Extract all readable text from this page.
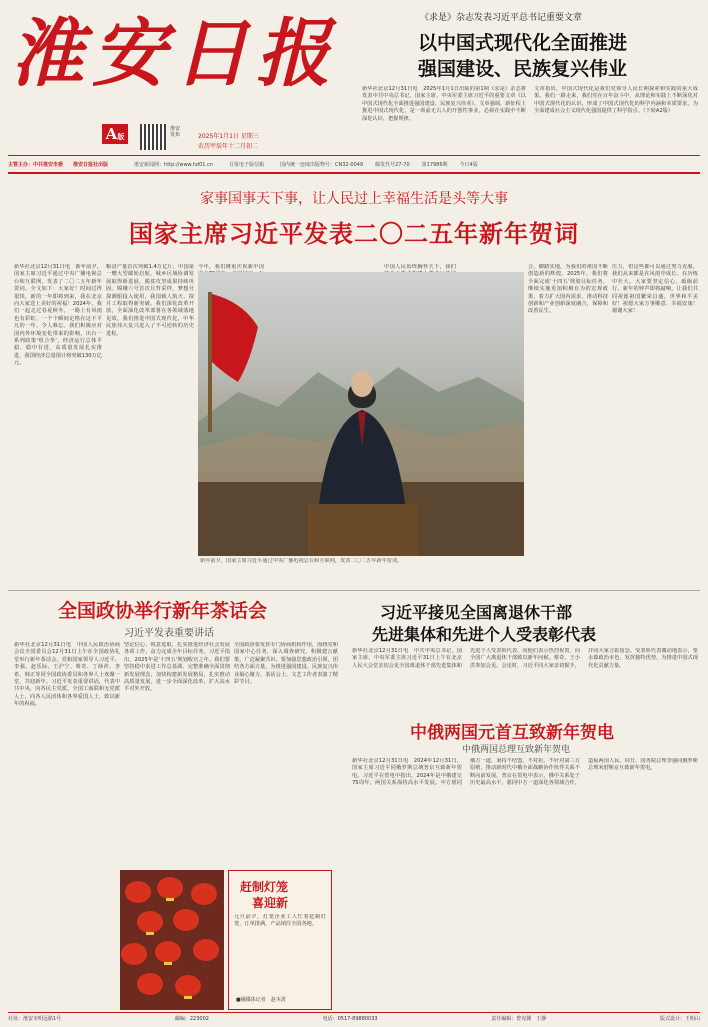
淮安日报
A版
淮安发布	2025年1月1日 星期三
农历甲辰年十二月初二
《求是》杂志发表习近平总书记重要文章
以中国式现代化全面推进
强国建设、民族复兴伟业
新华社北京12月31日电　2025年1月1日出版的第1期《求是》杂志将发表中共中央总书记、国家主席、中央军委主席习近平的重要文章《以中国式现代化全面推进强国建设、民族复兴伟业》。文章强调，新征程上推进中国式现代化，是一项前无古人的开创性事业，必须在实践中不断深化认识、把握规律。
文章指出，中国式现代化是我们党领导人民长期探索和实践的重大成果。我们一路走来，我们党在百年奋斗中，从理论和实践上不断深化对中国式现代化的认识，形成了中国式现代化的科学内涵和本质要求，为全面建成社会主义现代化强国提供了科学指引。（下转A2版）
主管主办：中共淮安市委 淮安日报社出版	淮安新闻网：http://www.hd01.cn	日报电子版信箱	国内统一连续出版物号：CN32-0049 邮发代号27-70 第17986期 今日4版
家事国事天下事，让人民过上幸福生活是头等大事
国家主席习近平发表二〇二五年新年贺词
新华社北京12月31日电　新年前夕，国家主席习近平通过中央广播电视总台和互联网，发表了二〇二五年新年贺词。全文如下：大家好！时间过得很快，新的一年即将到来，我在北京向大家送上美好的祝福！2024年，我们一起走过春夏秋冬，一路上有风雨也有彩虹，一个个瞬间定格在这不平凡的一年，令人难忘。我们积极应对国内外环境变化带来的影响，出台一系列政策'组合拳'，经济运行总体平稳、稳中有进，高质量发展扎实推进。我国经济总量预计将突破130万亿元。
粮食产量首次突破1.4万亿斤，中国第一艘大型邮轮启航，城乡区域协调发展取得新进展，脱贫攻坚成果持续巩固。嫦娥六号首次月背采样，梦想号探测船投入使用，我国载人航天、探月工程取得新突破。我们深化改革开放，全面深化改革部署在各领域落地见效。我们推进中国式现代化，中华民族伟大复兴进入了不可逆转的历史进程。
今年，我们隆重庆祝新中国	中国人民始终胸怀天下，我们	合，脚踏实地，为我们的祖国不断创造新的辉煌。2025年，我们将全面完成'十四五'规划目标任务，继续实施更加积极有为的宏观政策，着力扩大国内需求，推动科技创新和产业创新深度融合，保障和改善民生。
压力，但这些都可以通过努力克服。我们从来都是在风雨中成长、在历练中壮大。大家要坚定信心、砥砺前行。新年的钟声即将敲响，让我们共同祝愿祖国繁荣昌盛，世界和平美好！祝愿大家万事顺意、幸福安康！谢谢大家！
新年前夕，国家主席习近平通过中央广播电视总台和互联网，发表二〇二五年新年贺词。
全国政协举行新年茶话会
习近平发表重要讲话
新华社北京12月31日电　中国人民政治协商会议全国委员会12月31日上午在全国政协礼堂举行新年茶话会。党和国家领导人习近平、李强、赵乐际、王沪宁、蔡奇、丁薛祥、李希、韩正等同全国政协委员和各界人士欢聚一堂，共迎新年。习近平发表重要讲话，代表中共中央，向各民主党派、全国工商联和无党派人士，向各人民团体和各界爱国人士，致以新年的祝福。
坚定信心、锐意进取，扎实推进经济社会发展各项工作，奋力完成全年目标任务。习近平指出，2025年是'十四五'规划收官之年。我们要坚持稳中求进工作总基调，完整准确全面贯彻新发展理念，加快构建新发展格局，扎实推动高质量发展，进一步全面深化改革，扩大高水平对外开放。
全国政协要发挥专门协商机构作用，围绕党和国家中心任务，深入调查研究，积极建言献策，广泛凝聚共识。要加强思想政治引领，团结各方面力量，为推进强国建设、民族复兴伟业凝心聚力。茶话会上，文艺工作者表演了精彩节目。
习近平接见全国离退休干部
先进集体和先进个人受表彰代表
新华社北京12月31日电　中共中央总书记、国家主席、中央军委主席习近平31日上午在北京人民大会堂亲切会见全国离退休干部先进集体和先进个人受表彰代表，向他们表示热烈祝贺，向全国广大离退休干部致以新年问候。蔡奇、王小洪参加会见。会见时，习近平同大家亲切握手，并同大家合影留念。受表彰代表激动地表示，要永葆政治本色，发挥独特优势，为推进中国式现代化贡献力量。
中俄两国元首互致新年贺电
中俄两国总理互致新年贺电
新华社北京12月31日电　2024年12月31日，国家主席习近平同俄罗斯总统普京互致新年贺电。习近平在贺电中指出，2024年是中俄建交75周年，两国关系保持高水平发展。中方愿同俄方一道，秉持不结盟、不对抗、不针对第三方原则，推动新时代中俄全面战略协作伙伴关系不断向前发展。普京在贺电中表示，俄中关系处于历史最高水平，愿同中方一道深化各领域合作，造福两国人民。同日，国务院总理李强同俄罗斯总理米舒斯京互致新年贺电。
赶制灯笼
喜迎新
元旦前夕，灯笼企业工人忙着赶制灯笼，订单排满，产品销往全国各地。
■融媒体记者　赵本清
社址：淮安市明远路1号	邮编：223002	电话：0517-89880033	责任编辑：曾宪骥　王静	版式设计：王明山
